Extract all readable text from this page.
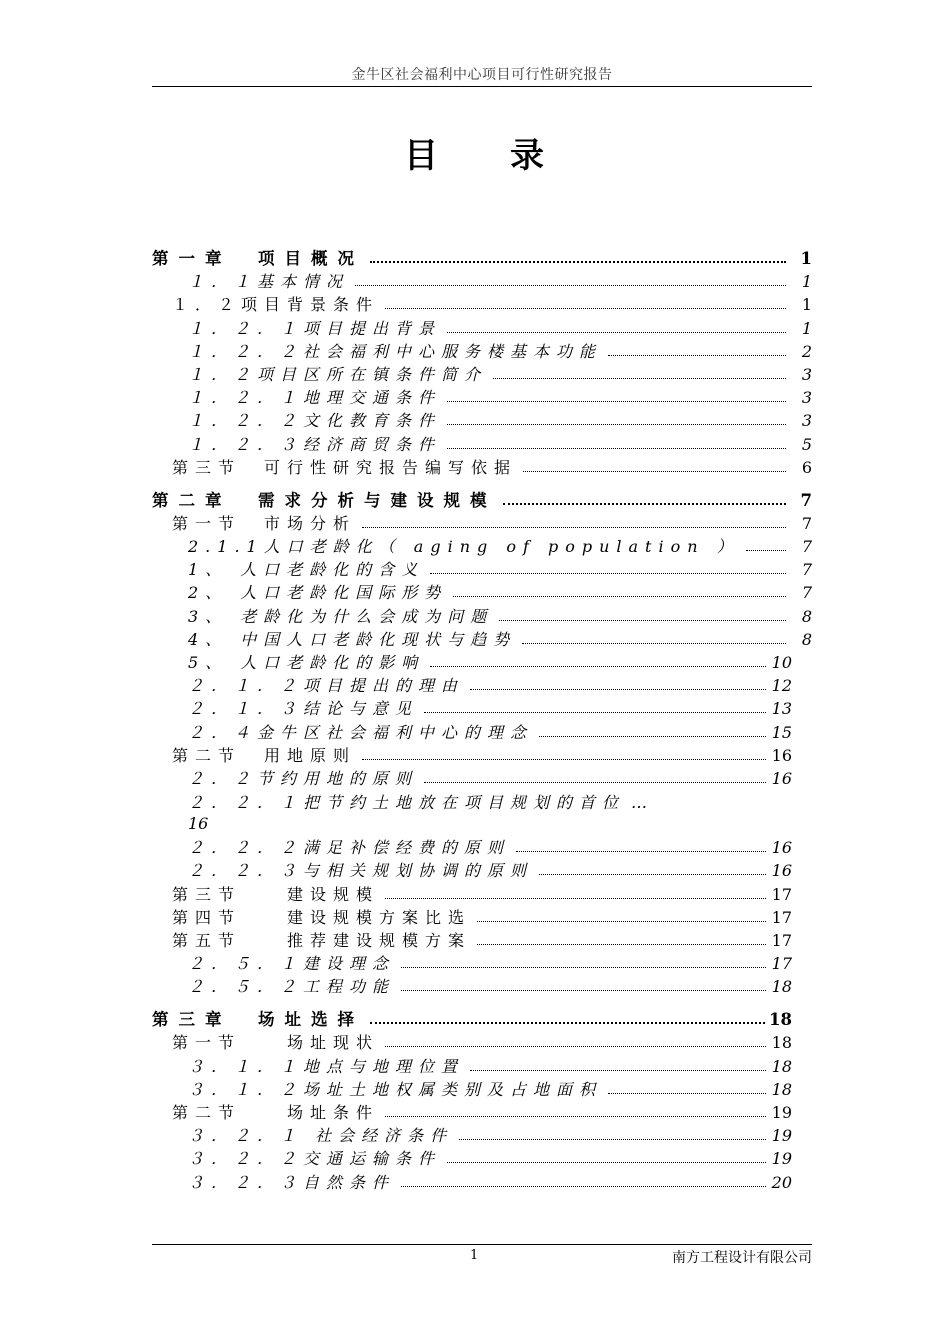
金牛区社会福利中心项目可行性研究报告
目 录
第一章　项目概况	1
１．１基本情况	1
１．２项目背景条件	1
１．２．１项目提出背景	1
１．２．２社会福利中心服务楼基本功能	2
１．２项目区所在镇条件简介	3
１．２．１地理交通条件	3
１．２．２文化教育条件	3
１．２．３经济商贸条件	5
第三节　可行性研究报告编写依据	6
第二章　需求分析与建设规模	7
第一节　市场分析	7
2.1.1人口老龄化（ aging of population ）	7
1、 人口老龄化的含义	7
2、 人口老龄化国际形势	7
3、 老龄化为什么会成为问题	8
4、 中国人口老龄化现状与趋势	8
5、 人口老龄化的影响	10
２．１．２项目提出的理由	12
２．１．３结论与意见	13
２．４金牛区社会福利中心的理念	15
第二节　用地原则	16
２．２节约用地的原则	16
２．２．１把节约土地放在项目规划的首位 …
16
２．２．２满足补偿经费的原则	16
２．２．３与相关规划协调的原则	16
第三节　　建设规模	17
第四节　　建设规模方案比选	17
第五节　　推荐建设规模方案	17
２．５．１建设理念	17
２．５．２工程功能	18
第三章　场址选择	18
第一节　　场址现状	18
３．１．１地点与地理位置	18
３．１．２场址土地权属类别及占地面积	18
第二节　　场址条件	19
３．２．１ 社会经济条件	19
３．２．２交通运输条件	19
３．２．３自然条件	20
1	南方工程设计有限公司
